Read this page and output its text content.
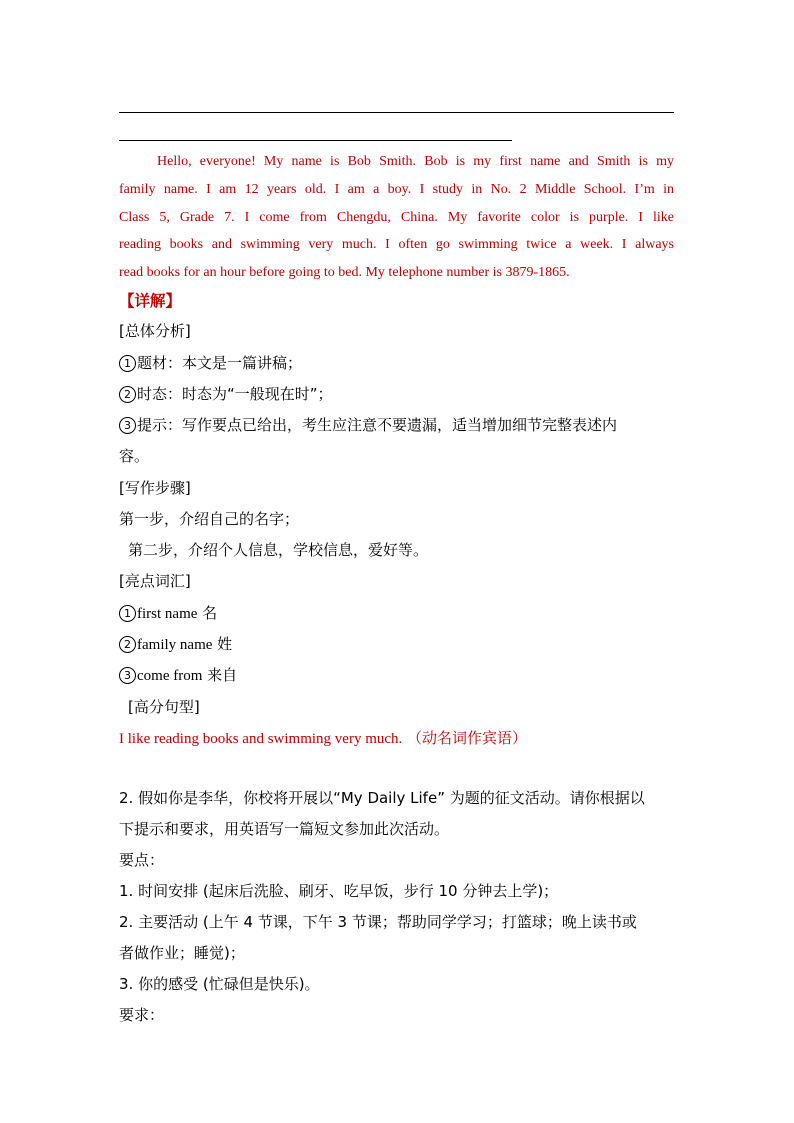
Hello, everyone! My name is Bob Smith. Bob is my first name and Smith is my
family name. I am 12 years old. I am a boy. I study in No. 2 Middle School. I’m in
Class 5, Grade 7. I come from Chengdu, China. My favorite color is purple. I like
reading books and swimming very much. I often go swimming twice a week. I always
read books for an hour before going to bed. My telephone number is 3879-1865.
【详解】
[总体分析]
1 题材：本文是一篇讲稿；
2 时态：时态为“一般现在时”；
3 提示：写作要点已给出，考生应注意不要遗漏，适当增加细节完整表述内
容。
[写作步骤]
第一步，介绍自己的名字；
第二步，介绍个人信息，学校信息，爱好等。
[亮点词汇]
1 first name 名
2 family name 姓
3 come from 来自
[高分句型]
I like reading books and swimming very much. （动名词作宾语）
2. 假如你是李华，你校将开展以“My Daily Life” 为题的征文活动。请你根据以
下提示和要求，用英语写一篇短文参加此次活动。
要点：
1. 时间安排 (起床后洗脸、刷牙、吃早饭，步行 10 分钟去上学)；
2. 主要活动 (上午 4 节课，下午 3 节课；帮助同学学习；打篮球；晚上读书或
者做作业；睡觉)；
3. 你的感受 (忙碌但是快乐)。
要求：
